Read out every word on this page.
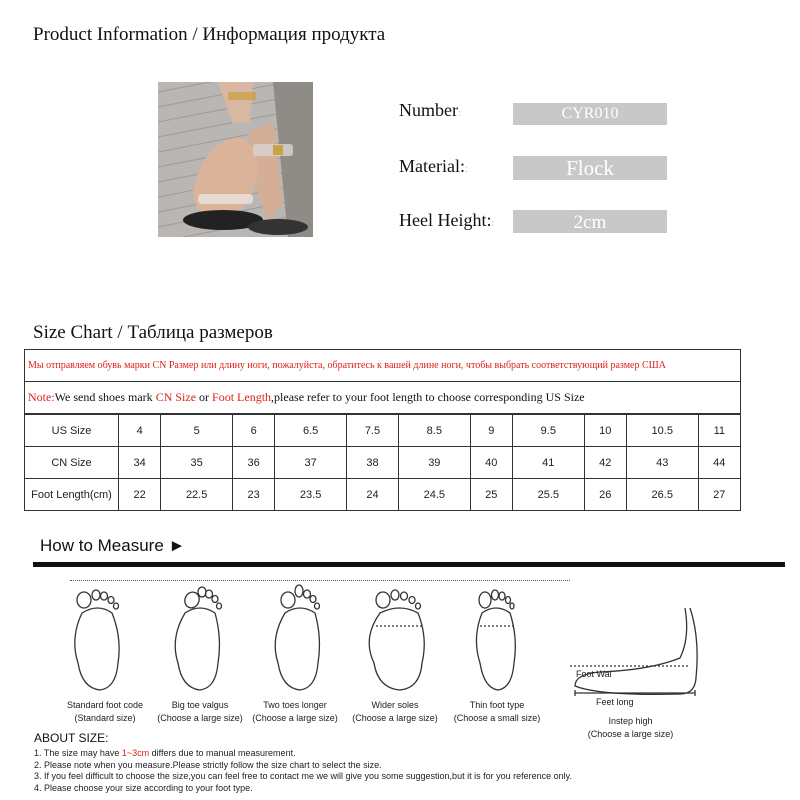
Product Information / Информация продукта
Number:	CYR010
Material::	Flock
Heel Height::	2cm
Size Chart / Таблица размеров
Мы отправляем обувь марки CN Размер или длину ноги, пожалуйста, обратитесь к вашей длине ноги, чтобы выбрать соответствующий размер США
Note:We send shoes mark CN Size or Foot Length,please refer to your foot length to choose corresponding US Size
US Size	4	5	6	6.5	7.5	8.5	9	9.5	10	10.5	11
CN Size	34	35	36	37	38	39	40	41	42	43	44
Foot Length(cm)	22	22.5	23	23.5	24	24.5	25	25.5	26	26.5	27
How to Measure ►
Foot Wai
Feet long
Standard foot code
(Standard size)
Big toe valgus
(Choose a large size)
Two toes longer
(Choose a large size)
Wider soles
(Choose a large size)
Thin foot type
(Choose a small size)	Instep high
(Choose a large size)
ABOUT SIZE:
1. The size may have 1~3cm differs due to manual measurement.
2. Please note when you measure.Please strictly follow the size chart to select the size.
3. If you feel difficult to choose the size,you can feel free to contact me we will give you some suggestion,but it is for you reference only.
4. Please choose your size according to your foot type.
